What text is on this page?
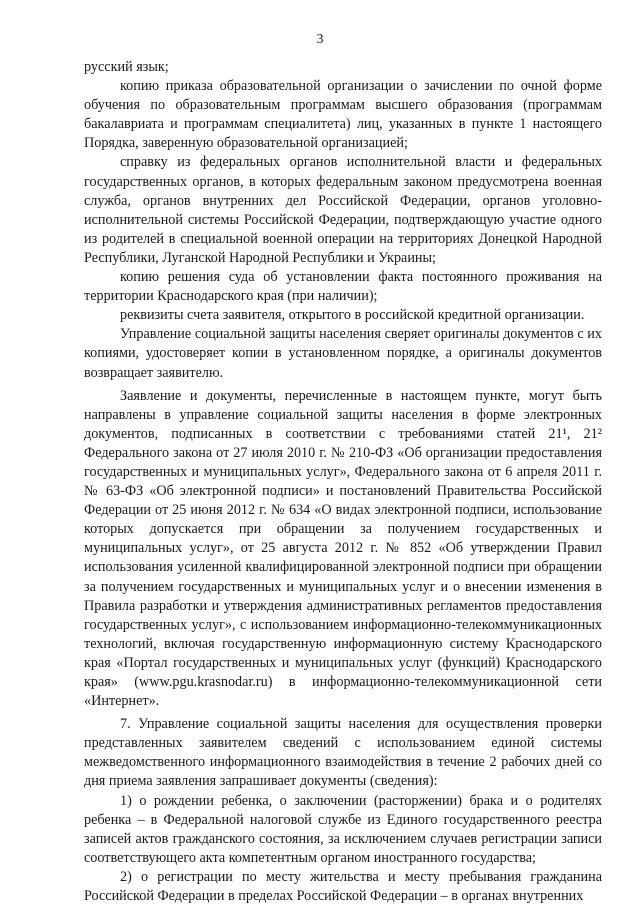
3

русский язык;

копию приказа образовательной организации о зачислении по очной форме обучения по образовательным программам высшего образования (программам бакалавриата и программам специалитета) лиц, указанных в пункте 1 настоящего Порядка, заверенную образовательной организацией;

справку из федеральных органов исполнительной власти и федеральных государственных органов, в которых федеральным законом предусмотрена военная служба, органов внутренних дел Российской Федерации, органов уголовно-исполнительной системы Российской Федерации, подтверждающую участие одного из родителей в специальной военной операции на территориях Донецкой Народной Республики, Луганской Народной Республики и Украины;

копию решения суда об установлении факта постоянного проживания на территории Краснодарского края (при наличии);

реквизиты счета заявителя, открытого в российской кредитной организации.

Управление социальной защиты населения сверяет оригиналы документов с их копиями, удостоверяет копии в установленном порядке, а оригиналы документов возвращает заявителю.

Заявление и документы, перечисленные в настоящем пункте, могут быть направлены в управление социальной защиты населения в форме электронных документов, подписанных в соответствии с требованиями статей 21¹, 21² Федерального закона от 27 июля 2010 г. № 210-ФЗ «Об организации предоставления государственных и муниципальных услуг», Федерального закона от 6 апреля 2011 г. № 63-ФЗ «Об электронной подписи» и постановлений Правительства Российской Федерации от 25 июня 2012 г. № 634 «О видах электронной подписи, использование которых допускается при обращении за получением государственных и муниципальных услуг», от 25 августа 2012 г. № 852 «Об утверждении Правил использования усиленной квалифицированной электронной подписи при обращении за получением государственных и муниципальных услуг и о внесении изменения в Правила разработки и утверждения административных регламентов предоставления государственных услуг», с использованием информационно-телекоммуникационных технологий, включая государственную информационную систему Краснодарского края «Портал государственных и муниципальных услуг (функций) Краснодарского края» (www.pgu.krasnodar.ru) в информационно-телекоммуникационной сети «Интернет».

7. Управление социальной защиты населения для осуществления проверки представленных заявителем сведений с использованием единой системы межведомственного информационного взаимодействия в течение 2 рабочих дней со дня приема заявления запрашивает документы (сведения):

1) о рождении ребенка, о заключении (расторжении) брака и о родителях ребенка – в Федеральной налоговой службе из Единого государственного реестра записей актов гражданского состояния, за исключением случаев регистрации записи соответствующего акта компетентным органом иностранного государства;

2) о регистрации по месту жительства и месту пребывания гражданина Российской Федерации в пределах Российской Федерации – в органах внутренних
